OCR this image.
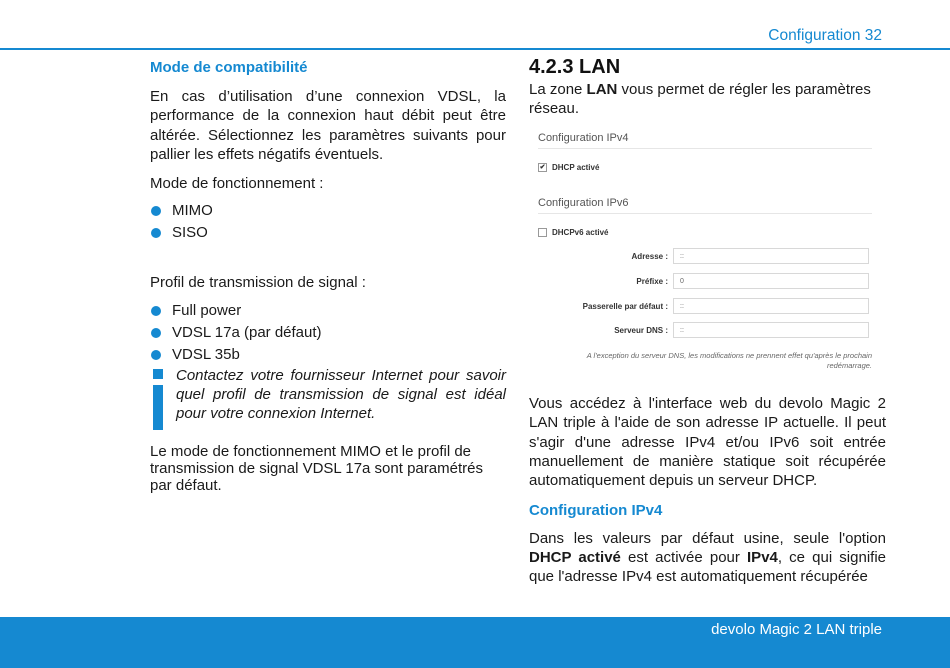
Configuration 32
Mode de compatibilité

En cas d’utilisation d’une connexion VDSL, la performance de la connexion haut débit peut être altérée. Sélectionnez les paramètres suivants pour pallier les effets négatifs éventuels.

Mode de fonctionnement :

MIMO
SISO

Profil de transmission de signal :

Full power
VDSL 17a (par défaut)
VDSL 35b
Contactez votre fournisseur Internet pour savoir quel profil de transmission de signal est idéal pour votre connexion Internet.

Le mode de fonctionnement MIMO et le profil de transmission de signal VDSL 17a sont paramétrés par défaut.

4.2.3 LAN

La zone LAN vous permet de régler les paramètres réseau.

Configuration IPv4
✔ DHCP activé
Configuration IPv6
DHCPv6 activé
Adresse :	::
Préfixe :	0
Passerelle par défaut :	::
Serveur DNS :	::
A l'exception du serveur DNS, les modifications ne prennent effet qu'après le prochain redémarrage.

Vous accédez à l'interface web du devolo Magic 2 LAN triple à l'aide de son adresse IP actuelle. Il peut s'agir d'une adresse IPv4 et/ou IPv6 soit entrée manuellement de manière statique soit récupérée automatiquement depuis un serveur DHCP.

Configuration IPv4

Dans les valeurs par défaut usine, seule l'option DHCP activé est activée pour IPv4, ce qui signifie que l'adresse IPv4 est automatiquement récupérée

devolo Magic 2 LAN triple
